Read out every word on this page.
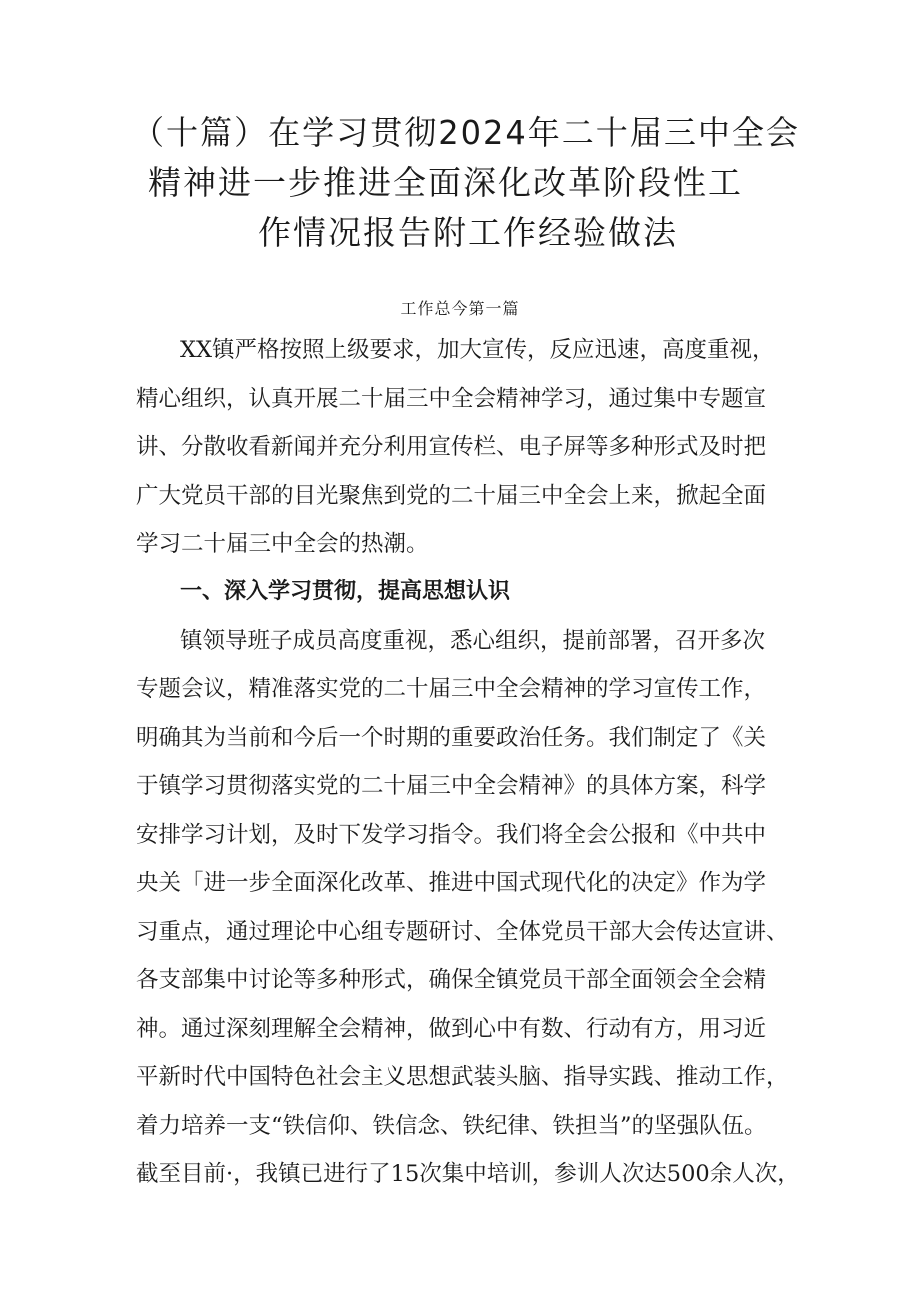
（十篇）在学习贯彻2024年二十届三中全会
精神进一步推进全面深化改革阶段性工
作情况报告附工作经验做法
工作总今第一篇
XX镇严格按照上级要求，加大宣传，反应迅速，高度重视，
精心组织，认真开展二十届三中全会精神学习，通过集中专题宣
讲、分散收看新闻并充分利用宣传栏、电子屏等多种形式及时把
广大党员干部的目光聚焦到党的二十届三中全会上来，掀起全面
学习二十届三中全会的热潮。
一、深入学习贯彻，提高思想认识
镇领导班子成员高度重视，悉心组织，提前部署，召开多次
专题会议，精准落实党的二十届三中全会精神的学习宣传工作，
明确其为当前和今后一个时期的重要政治任务。我们制定了《关
于镇学习贯彻落实党的二十届三中全会精神》的具体方案，科学
安排学习计划，及时下发学习指令。我们将全会公报和《中共中
央关「进一步全面深化改革、推进中国式现代化的决定》作为学
习重点，通过理论中心组专题研讨、全体党员干部大会传达宣讲、
各支部集中讨论等多种形式，确保全镇党员干部全面领会全会精
神。通过深刻理解全会精神，做到心中有数、行动有方，用习近
平新时代中国特色社会主义思想武装头脑、指导实践、推动工作，
着力培养一支“铁信仰、铁信念、铁纪律、铁担当”的坚强队伍。
截至目前·，我镇已进行了15次集中培训，参训人次达500余人次，
